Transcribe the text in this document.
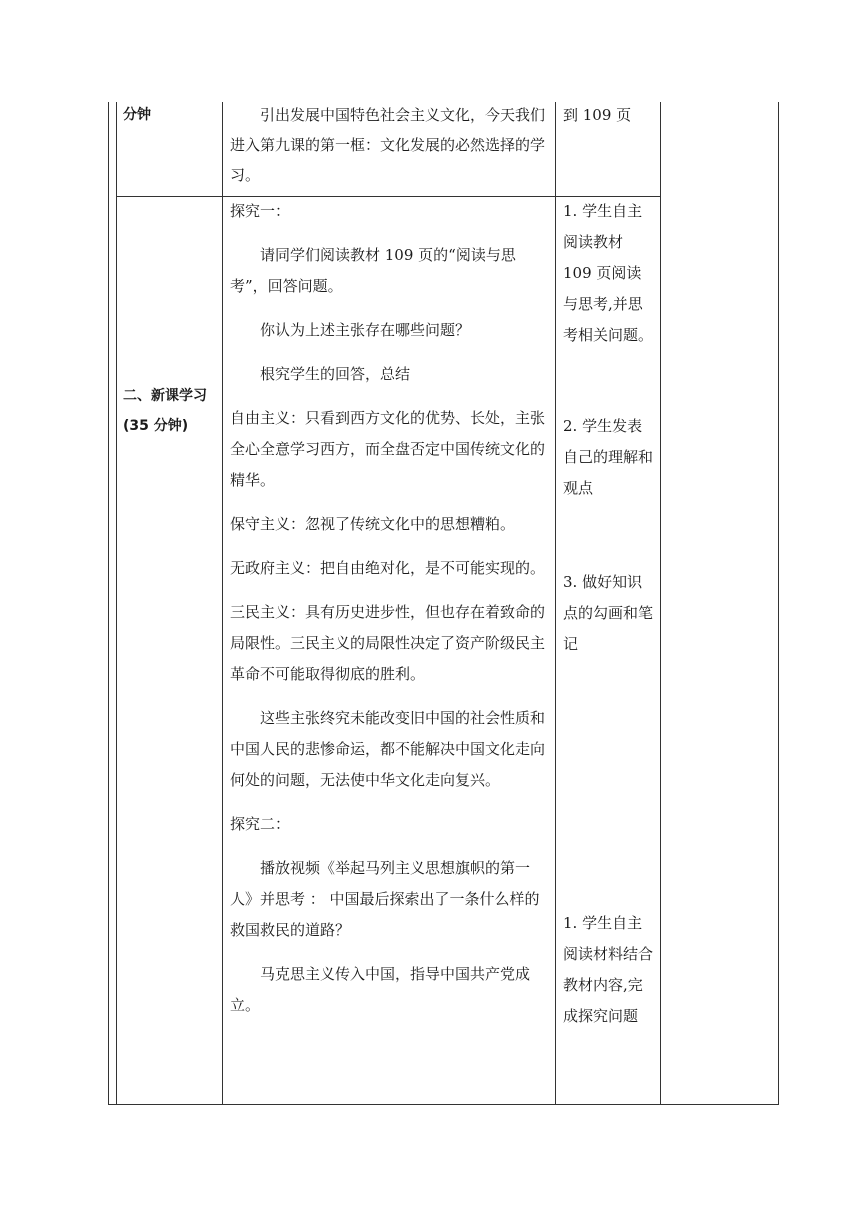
分钟	引出发展中国特色社会主义文化，今天我们进入第九课的第一框：文化发展的必然选择的学习。

到 109 页
二、新课学习
(35 分钟)

探究一：

请同学们阅读教材 109 页的“阅读与思考”，回答问题。

你认为上述主张存在哪些问题？

根究学生的回答，总结

自由主义：只看到西方文化的优势、长处，主张全心全意学习西方，而全盘否定中国传统文化的精华。

保守主义：忽视了传统文化中的思想糟粕。

无政府主义：把自由绝对化，是不可能实现的。

三民主义：具有历史进步性，但也存在着致命的局限性。三民主义的局限性决定了资产阶级民主革命不可能取得彻底的胜利。

这些主张终究未能改变旧中国的社会性质和中国人民的悲惨命运，都不能解决中国文化走向何处的问题，无法使中华文化走向复兴。

探究二：

播放视频《举起马列主义思想旗帜的第一人》并思考 ： 中国最后探索出了一条什么样的救国救民的道路？

马克思主义传入中国，指导中国共产党成立。

1. 学生自主阅读教材 109 页阅读与思考,并思考相关问题。
2. 学生发表自己的理解和观点
3. 做好知识点的勾画和笔记
1. 学生自主阅读材料结合教材内容,完成探究问题
